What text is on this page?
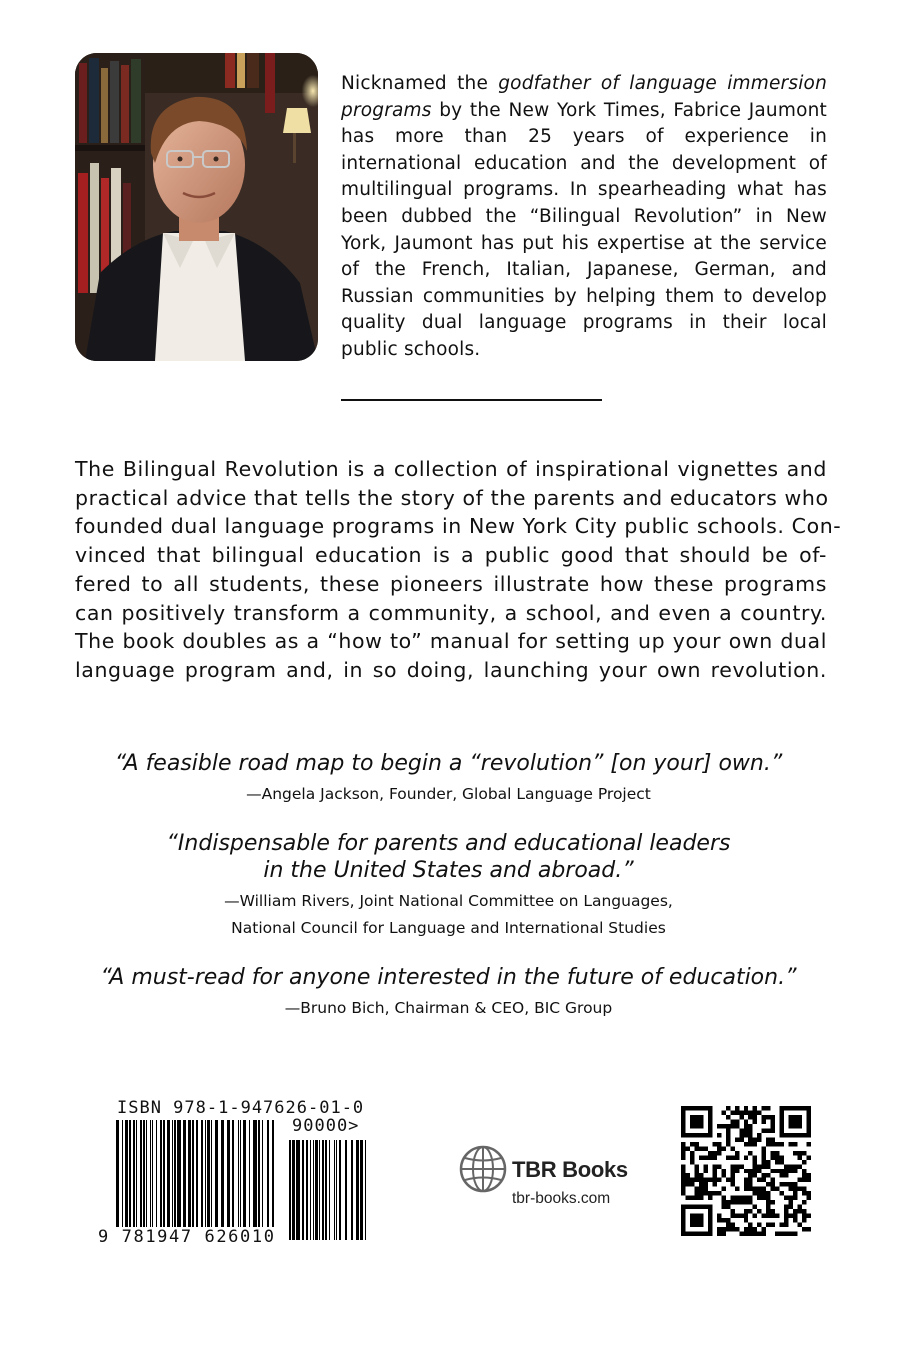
Nicknamed the godfather of language immersion programs by the New York Times, Fabrice Jaumont has more than 25 years of experience in international education and the development of multilingual programs. In spearheading what has been dubbed the “Bilingual Revolution” in New York, Jaumont has put his expertise at the service of the French, Italian, Japanese, German, and Russian communities by helping them to develop quality dual language programs in their local public schools.

The Bilingual Revolution is a collection of inspirational vignettes and
practical advice that tells the story of the parents and educators who
founded dual language programs in New York City public schools. Con-
vinced that bilingual education is a public good that should be of-
fered to all students, these pioneers illustrate how these programs
can positively transform a community, a school, and even a country.
The book doubles as a “how to” manual for setting up your own dual
language program and, in so doing, launching your own revolution.
“A feasible road map to begin a “revolution” [on your] own.”
—Angela Jackson, Founder, Global Language Project
“Indispensable for parents and educational leaders
in the United States and abroad.”
—William Rivers, Joint National Committee on Languages,
National Council for Language and International Studies
“A must-read for anyone interested in the future of education.”
—Bruno Bich, Chairman & CEO, BIC Group
ISBN 978-1-947626-01-0
90000>
9 781947 626010
TBR Books
tbr-books.com
